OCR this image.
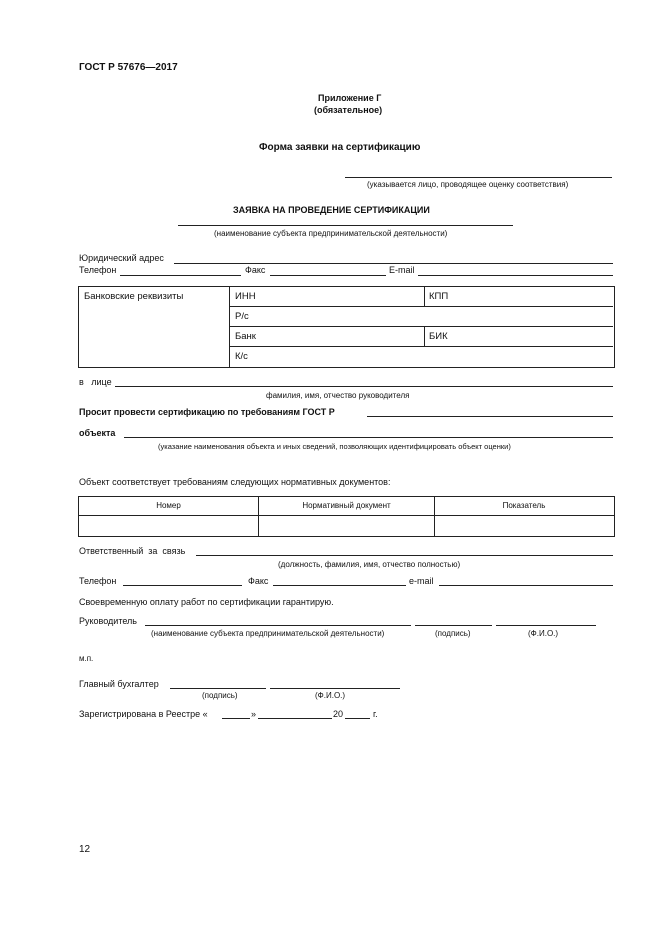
ГОСТ Р 57676—2017
Приложение Г
(обязательное)
Форма заявки на сертификацию
(указывается лицо, проводящее оценку соответствия)
ЗАЯВКА НА ПРОВЕДЕНИЕ СЕРТИФИКАЦИИ
(наименование субъекта предпринимательской деятельности)
Юридический адрес
Телефон	Факс	E-mail
Банковские реквизиты	ИНН	КПП
Р/с
Банк	БИК
К/с
в   лице
фамилия, имя, отчество руководителя
Просит провести сертификацию по требованиям ГОСТ Р
объекта
(указание наименования объекта и иных сведений, позволяющих идентифицировать объект оценки)
Объект соответствует требованиям следующих нормативных документов:
Номер	Нормативный документ	Показатель
Ответственный  за  связь
(должность, фамилия, имя, отчество полностью)
Телефон	Факс	e-mail
Своевременную оплату работ по сертификации гарантирую.
Руководитель
(наименование субъекта предпринимательской деятельности)	(подпись)	(Ф.И.О.)
м.п.
Главный бухгалтер
(подпись)	(Ф.И.О.)
Зарегистрирована в Реестре «	»	20	г.
12
